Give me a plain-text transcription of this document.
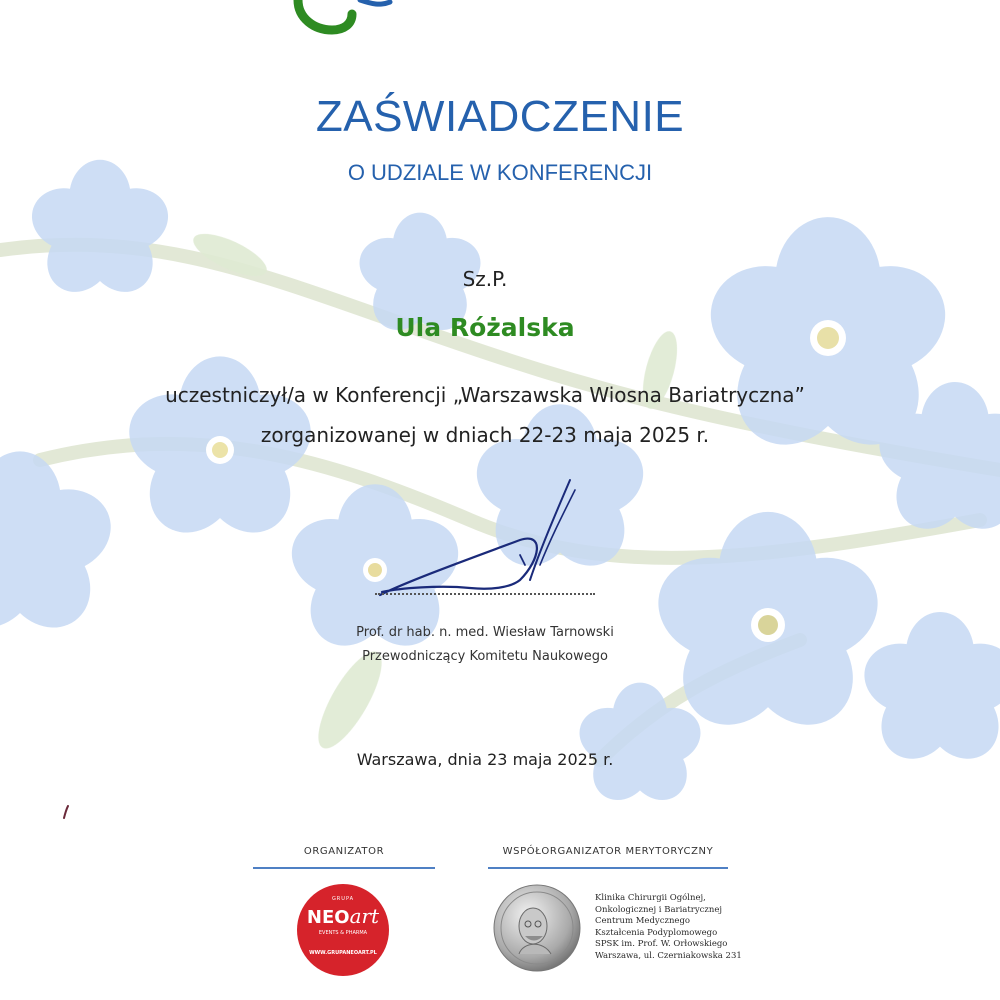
ZAŚWIADCZENIE
O UDZIALE W KONFERENCJI
Sz.P.
Ula Różalska
uczestniczył/a w Konferencji „Warszawska Wiosna Bariatryczna”
zorganizowanej w dniach 22-23 maja 2025 r.
Prof. dr hab. n. med. Wiesław Tarnowski
Przewodniczący Komitetu Naukowego
Warszawa, dnia 23 maja 2025 r.
ORGANIZATOR	WSPÓŁORGANIZATOR MERYTORYCZNY
GRUPA
NEOart
EVENTS & PHARMA
WWW.GRUPANEOART.PL
Klinika Chirurgii Ogólnej,
Onkologicznej i Bariatrycznej
Centrum Medycznego
Kształcenia Podyplomowego
SPSK im. Prof. W. Orłowskiego
Warszawa, ul. Czerniakowska 231
